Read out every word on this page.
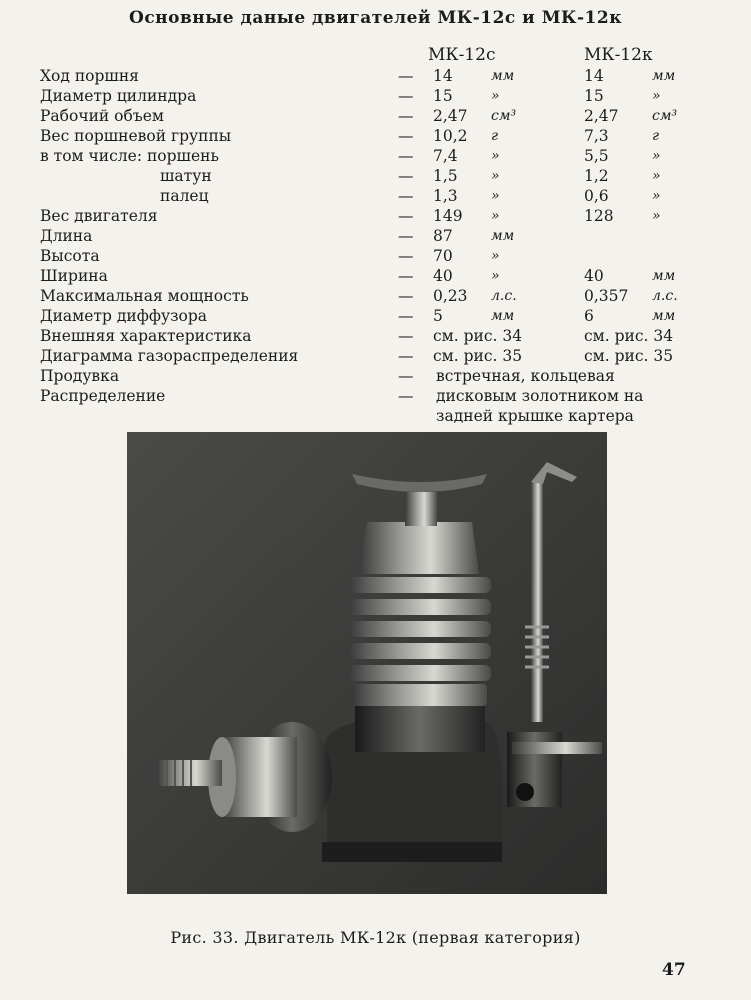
Основные даные двигателей МК-12с и МК-12к
МК-12с	МК-12к
Ход поршня	— 14	мм	14	мм
Диаметр цилиндра	— 15	»	15	»
Рабочий объем	— 2,47 см³	2,47 см³
Вес поршневой группы	— 10,2 г	7,3	г
в том числе: поршень	— 7,4 »	5,5	»
шатун	— 1,5 »	1,2	»
палец	— 1,3 »	0,6	»
Вес двигателя	— 149 »	128	»
Длина	— 87	мм
Высота	— 70	»
Ширина	— 40	»	40	мм
Максимальная мощность	— 0,23 л.с.	0,357 л.с.
Диаметр диффузора	— 5	мм	6	мм
Внешняя характеристика	— см. рис. 34	см. рис. 34
Диаграмма газораспределения	— см. рис. 35	см. рис. 35
Продувка	— встречная, кольцевая
Распределение	— дисковым золотником на
задней крышке картера
Рис. 33. Двигатель МК-12к (первая категория)
47
